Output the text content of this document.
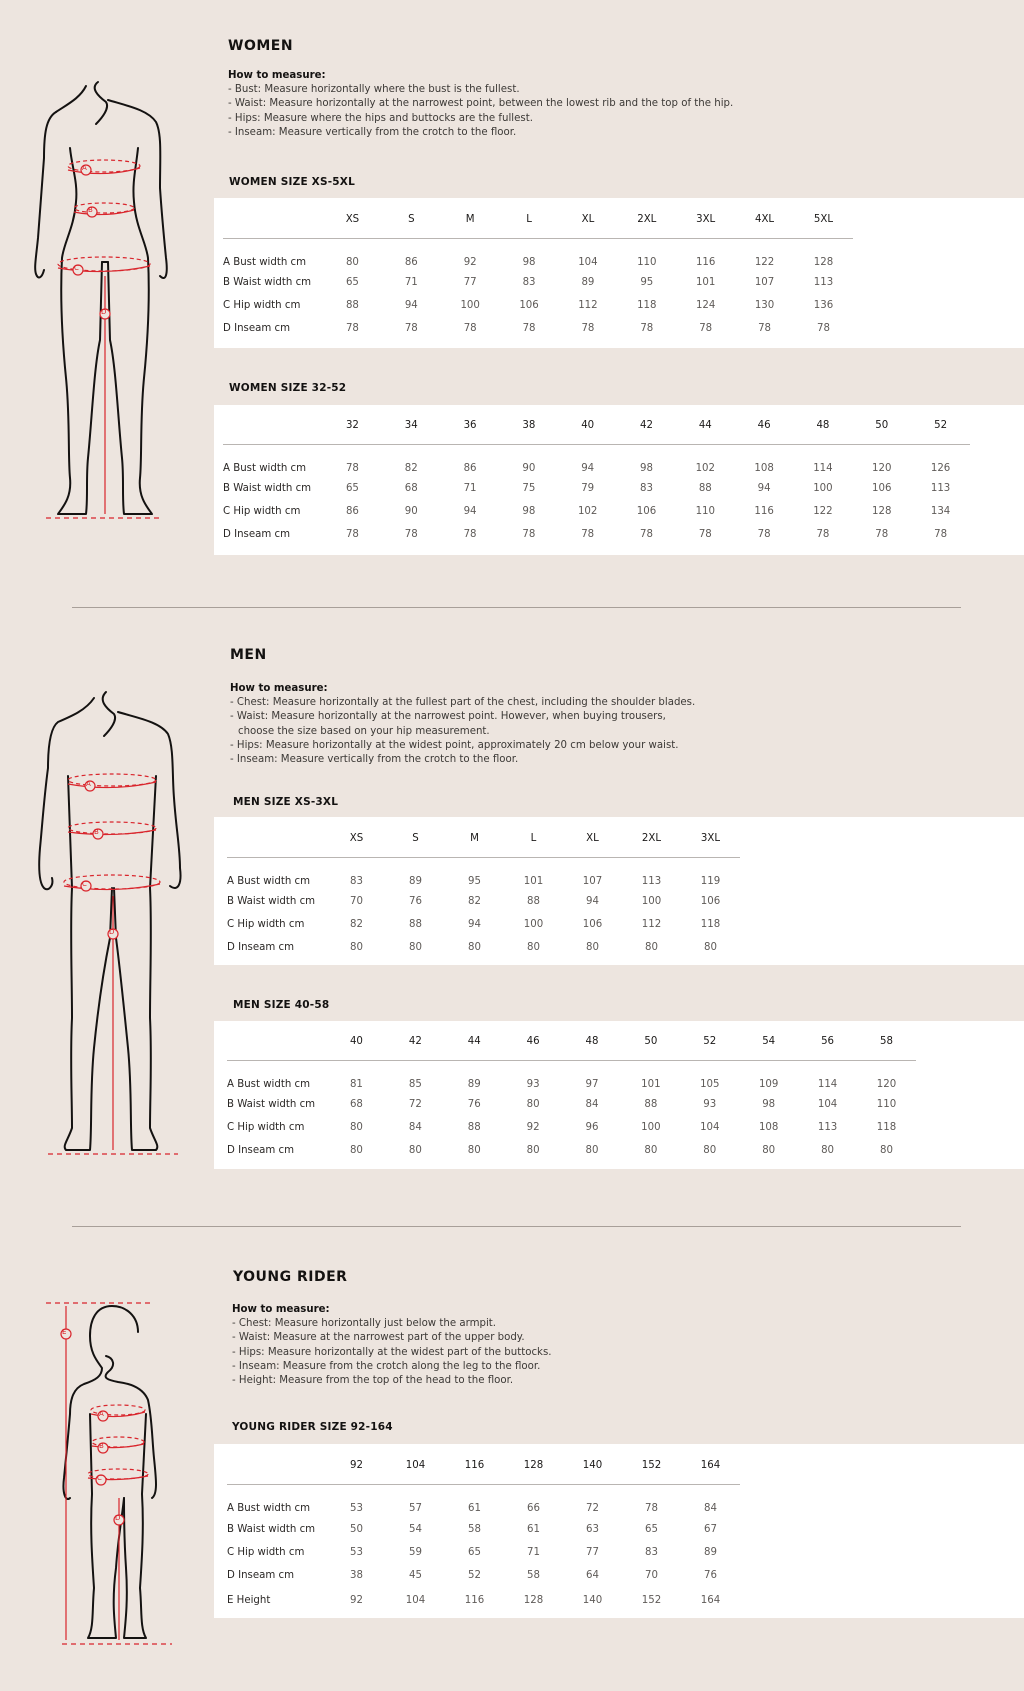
A
B
C
D
WOMEN
How to measure:
- Bust: Measure horizontally where the bust is the fullest.
- Waist: Measure horizontally at the narrowest point, between the lowest rib and the top of the hip.
- Hips: Measure where the hips and buttocks are the fullest.
- Inseam: Measure vertically from the crotch to the floor.
WOMEN SIZE XS-5XL
	XS	S	M	L	XL	2XL	3XL	4XL	5XL
A Bust width cm	80	86	92	98	104	110	116	122	128
B Waist width cm	65	71	77	83	89	95	101	107	113
C Hip width cm	88	94	100	106	112	118	124	130	136
D Inseam cm	78	78	78	78	78	78	78	78	78
WOMEN SIZE 32-52
	32	34	36	38	40	42	44	46	48	50	52
A Bust width cm	78	82	86	90	94	98	102	108	114	120	126
B Waist width cm	65	68	71	75	79	83	88	94	100	106	113
C Hip width cm	86	90	94	98	102	106	110	116	122	128	134
D Inseam cm	78	78	78	78	78	78	78	78	78	78	78
A
B
C
D
MEN
How to measure:
- Chest: Measure horizontally at the fullest part of the chest, including the shoulder blades.
- Waist: Measure horizontally at the narrowest point. However, when buying trousers,
choose the size based on your hip measurement.
- Hips: Measure horizontally at the widest point, approximately 20 cm below your waist.
- Inseam: Measure vertically from the crotch to the floor.
MEN SIZE XS-3XL
	XS	S	M	L	XL	2XL	3XL
A Bust width cm	83	89	95	101	107	113	119
B Waist width cm	70	76	82	88	94	100	106
C Hip width cm	82	88	94	100	106	112	118
D Inseam cm	80	80	80	80	80	80	80
MEN SIZE 40-58
	40	42	44	46	48	50	52	54	56	58
A Bust width cm	81	85	89	93	97	101	105	109	114	120
B Waist width cm	68	72	76	80	84	88	93	98	104	110
C Hip width cm	80	84	88	92	96	100	104	108	113	118
D Inseam cm	80	80	80	80	80	80	80	80	80	80
E
A
B
C
D
YOUNG RIDER
How to measure:
- Chest: Measure horizontally just below the armpit.
- Waist: Measure at the narrowest part of the upper body.
- Hips: Measure horizontally at the widest part of the buttocks.
- Inseam: Measure from the crotch along the leg to the floor.
- Height: Measure from the top of the head to the floor.
YOUNG RIDER SIZE 92-164
	92	104	116	128	140	152	164
A Bust width cm	53	57	61	66	72	78	84
B Waist width cm	50	54	58	61	63	65	67
C Hip width cm	53	59	65	71	77	83	89
D Inseam cm	38	45	52	58	64	70	76
E Height	92	104	116	128	140	152	164
